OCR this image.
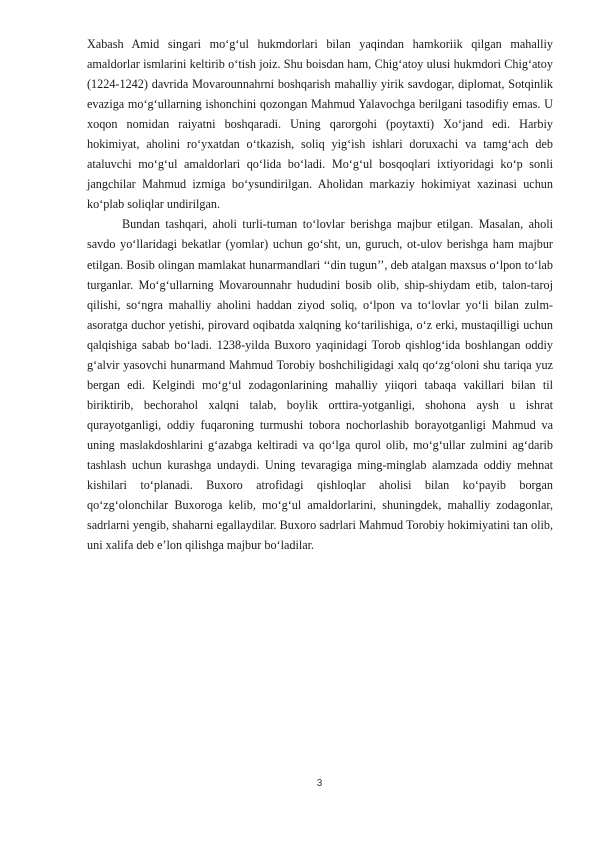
Xabash Amid singari mo‘g‘ul hukmdorlari bilan yaqindan hamkoriik qilgan mahalliy amaldorlar ismlarini keltirib o‘tish joiz. Shu boisdan ham, Chig‘atoy ulusi hukmdori Chig‘atoy (1224-1242) davrida Movarounnahrni boshqarish mahalliy yirik savdogar, diplomat, Sotqinlik evaziga mo‘g‘ullarning ishonchini qozongan Mahmud Yalavochga berilgani tasodifiy emas. U xoqon nomidan raiyatni boshqaradi. Uning qarorgohi (poytaxti) Xo‘jand edi. Harbiy hokimiyat, aholini ro‘yxatdan o‘tkazish, soliq yig‘ish ishlari doruxachi va tamg‘ach deb ataluvchi mo‘g‘ul amaldorlari qo‘lida bo‘ladi. Mo‘g‘ul bosqoqlari ixtiyoridagi ko‘p sonli jangchilar Mahmud izmiga bo‘ysundirilgan. Aholidan markaziy hokimiyat xazinasi uchun ko‘plab soliqlar undirilgan.

Bundan tashqari, aholi turli-tuman to‘lovlar berishga majbur etilgan. Masalan, aholi savdo yo‘llaridagi bekatlar (yomlar) uchun go‘sht, un, guruch, ot-ulov berishga ham majbur etilgan. Bosib olingan mamlakat hunarmandlari ‘‘din tugun’’, deb atalgan maxsus o‘lpon to‘lab turganlar. Mo‘g‘ullarning Movarounnahr hududini bosib olib, ship-shiydam etib, talon-taroj qilishi, so‘ngra mahalliy aholini haddan ziyod soliq, o‘lpon va to‘lovlar yo‘li bilan zulm-asoratga duchor yetishi, pirovard oqibatda xalqning ko‘tarilishiga, o‘z erki, mustaqilligi uchun qalqishiga sabab bo‘ladi. 1238-yilda Buxoro yaqinidagi Torob qishlog‘ida boshlangan oddiy g‘alvir yasovchi hunarmand Mahmud Torobiy boshchiligidagi xalq qo‘zg‘oloni shu tariqa yuz bergan edi. Kelgindi mo‘g‘ul zodagonlarining mahalliy yiiqori tabaqa vakillari bilan til biriktirib, bechorahol xalqni talab, boylik orttira-yotganligi, shohona aysh u ishrat qurayotganligi, oddiy fuqaroning turmushi tobora nochorlashib borayotganligi Mahmud va uning maslakdoshlarini g‘azabga keltiradi va qo‘lga qurol olib, mo‘g‘ullar zulmini ag‘darib tashlash uchun kurashga undaydi. Uning tevaragiga ming-minglab alamzada oddiy mehnat kishilari to‘planadi. Buxoro atrofidagi qishloqlar aholisi bilan ko‘payib borgan qo‘zg‘olonchilar Buxoroga kelib, mo‘g‘ul amaldorlarini, shuningdek, mahalliy zodagonlar, sadrlarni yengib, shaharni egallaydilar. Buxoro sadrlari Mahmud Torobiy hokimiyatini tan olib, uni xalifa deb e’lon qilishga majbur bo‘ladilar.

3
